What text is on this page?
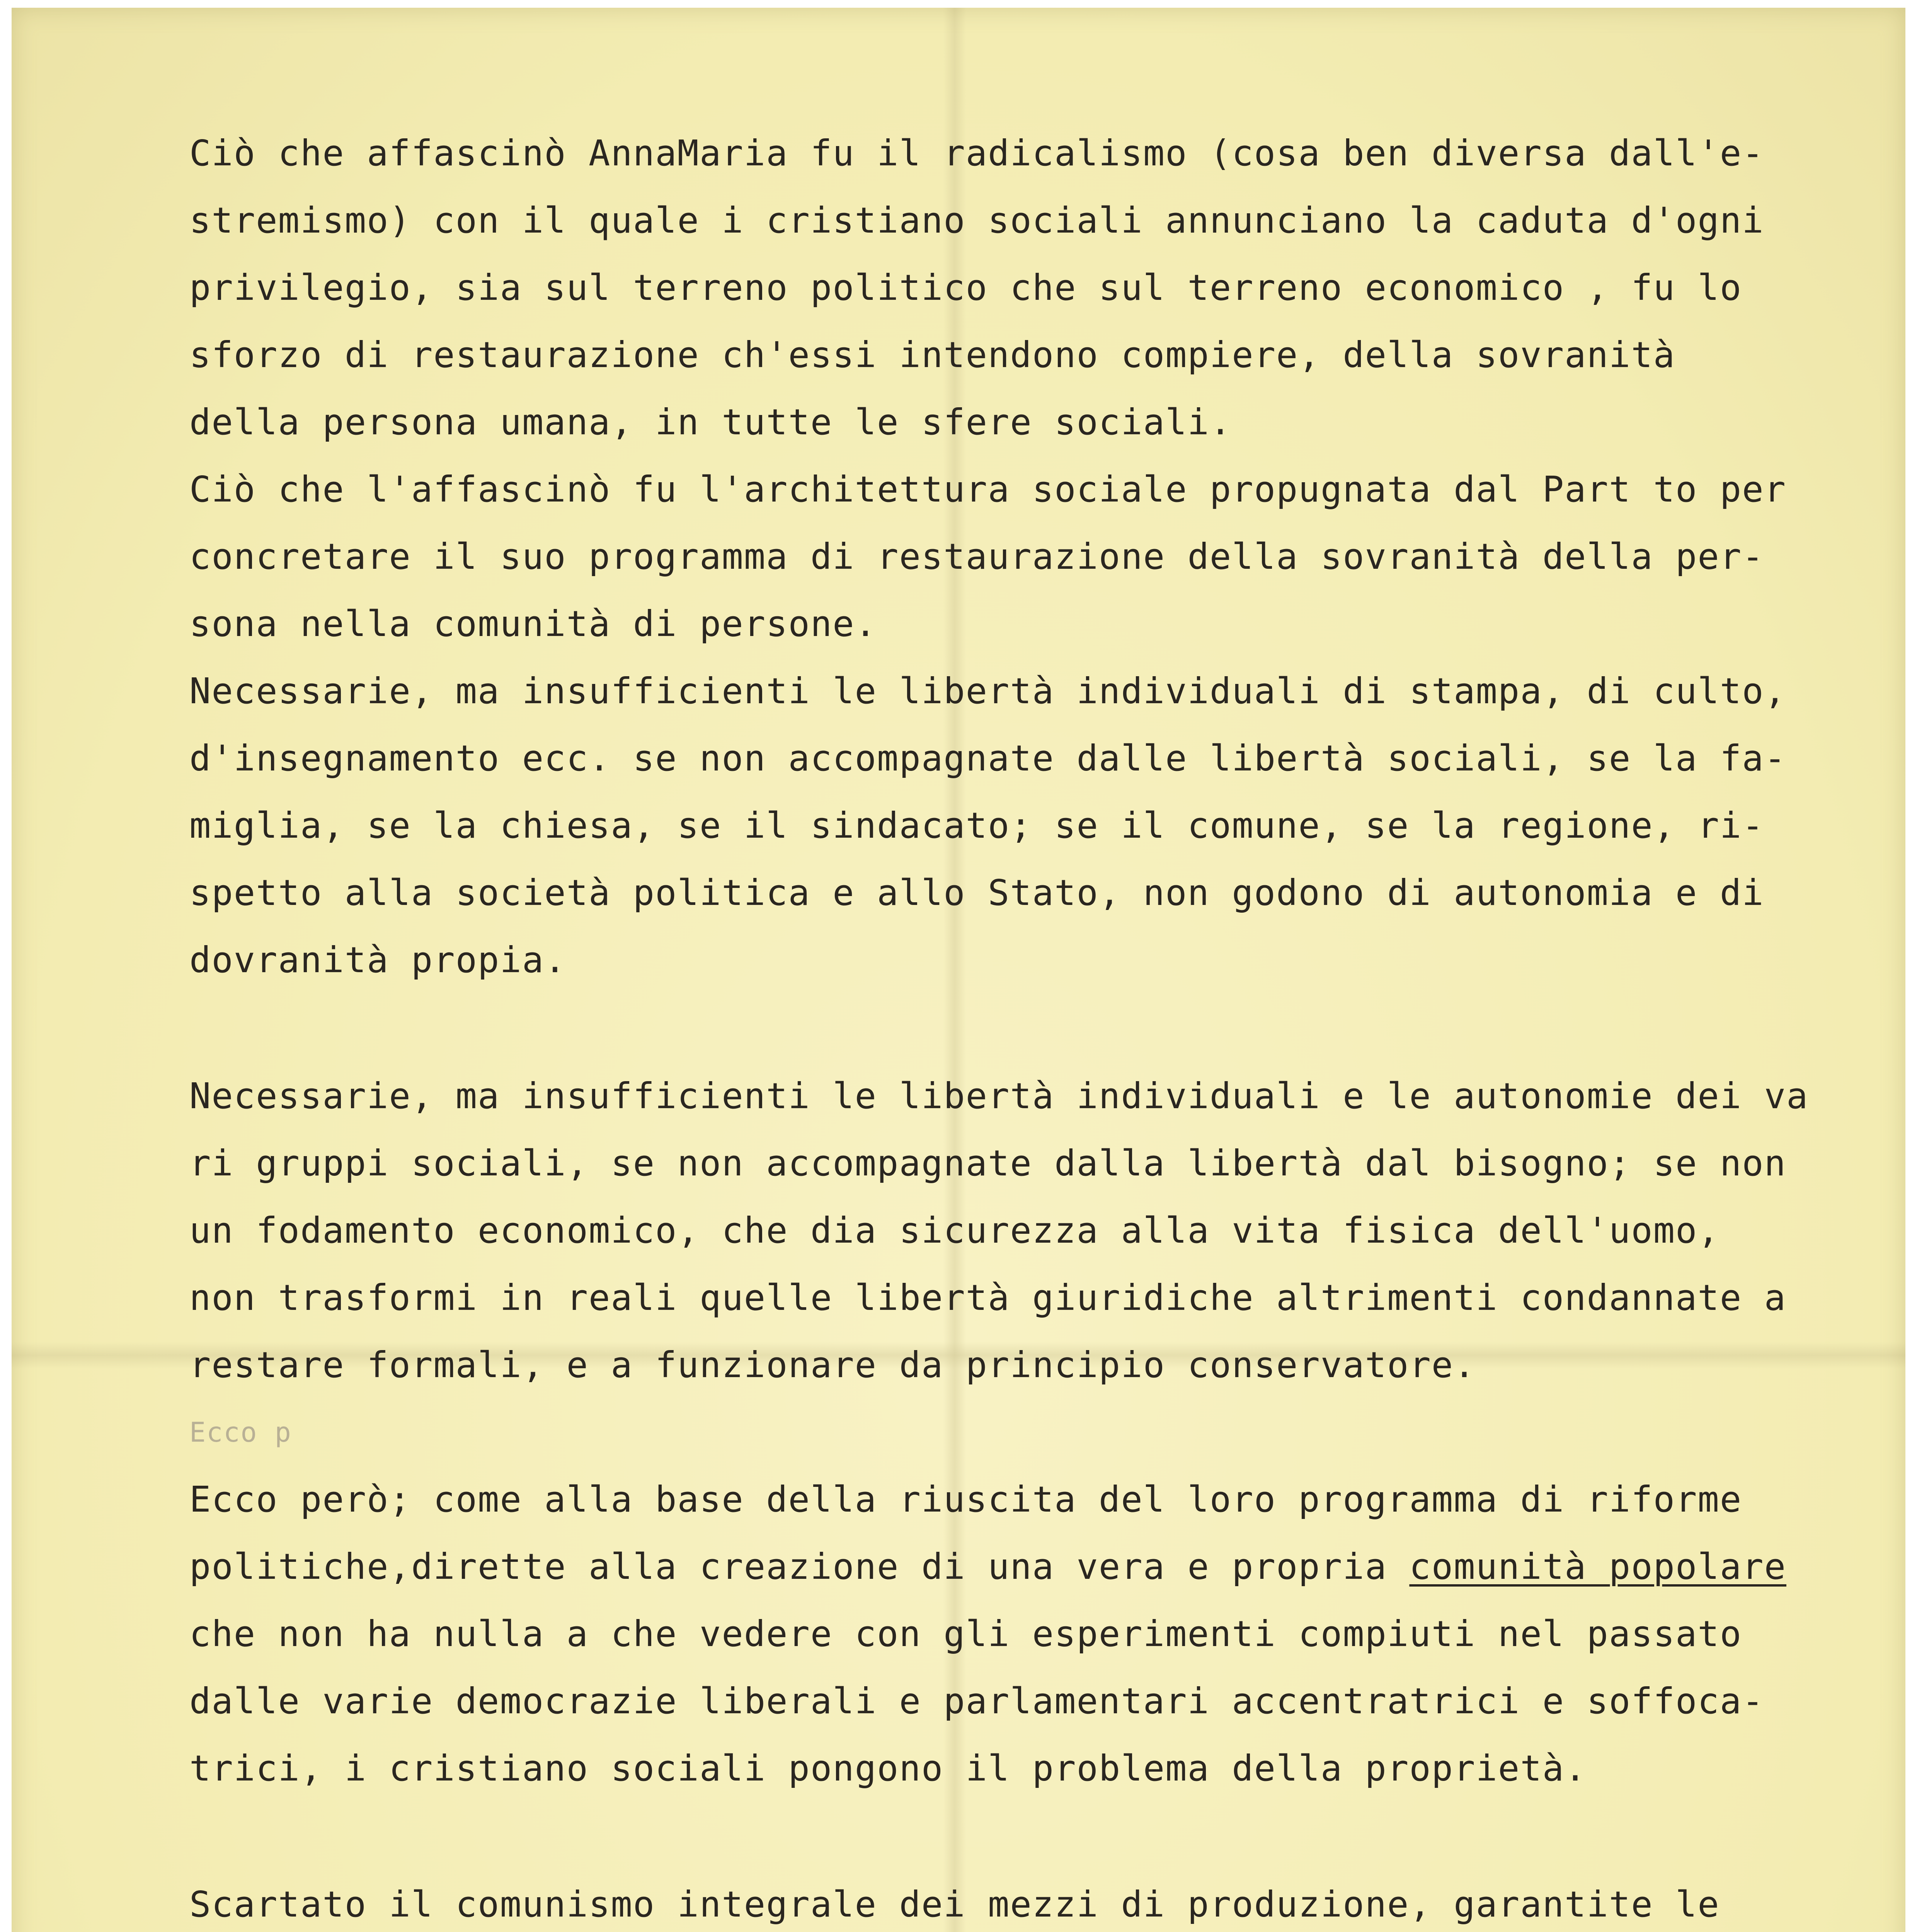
Ciò che affascinò AnnaMaria fu il radicalismo (cosa ben diversa dall'e-
stremismo) con il quale i cristiano sociali annunciano la caduta d'ogni
privilegio, sia sul terreno politico che sul terreno economico , fu lo
sforzo di restaurazione ch'essi intendono compiere, della sovranità
della persona umana, in tutte le sfere sociali.
Ciò che l'affascinò fu l'architettura sociale propugnata dal Part to per
concretare il suo programma di restaurazione della sovranità della per-
sona nella comunità di persone.
Necessarie, ma insufficienti le libertà individuali di stampa, di culto,
d'insegnamento ecc. se non accompagnate dalle libertà sociali, se la fa-
miglia, se la chiesa, se il sindacato; se il comune, se la regione, ri-
spetto alla società politica e allo Stato, non godono di autonomia e di
dovranità propia.

Necessarie, ma insufficienti le libertà individuali e le autonomie dei va
ri gruppi sociali, se non accompagnate dalla libertà dal bisogno; se non
un fodamento economico, che dia sicurezza alla vita fisica dell'uomo,
non trasformi in reali quelle libertà giuridiche altrimenti condannate a
restare formali, e a funzionare da principio conservatore.

Ecco p

Ecco però; come alla base della riuscita del loro programma di riforme
politiche,dirette alla creazione di una vera e propria comunità popolare
che non ha nulla a che vedere con gli esperimenti compiuti nel passato
dalle varie democrazie liberali e parlamentari accentratrici e soffoca-
trici, i cristiano sociali pongono il problema della proprietà.

Scartato il comunismo integrale dei mezzi di produzione, garantite le
